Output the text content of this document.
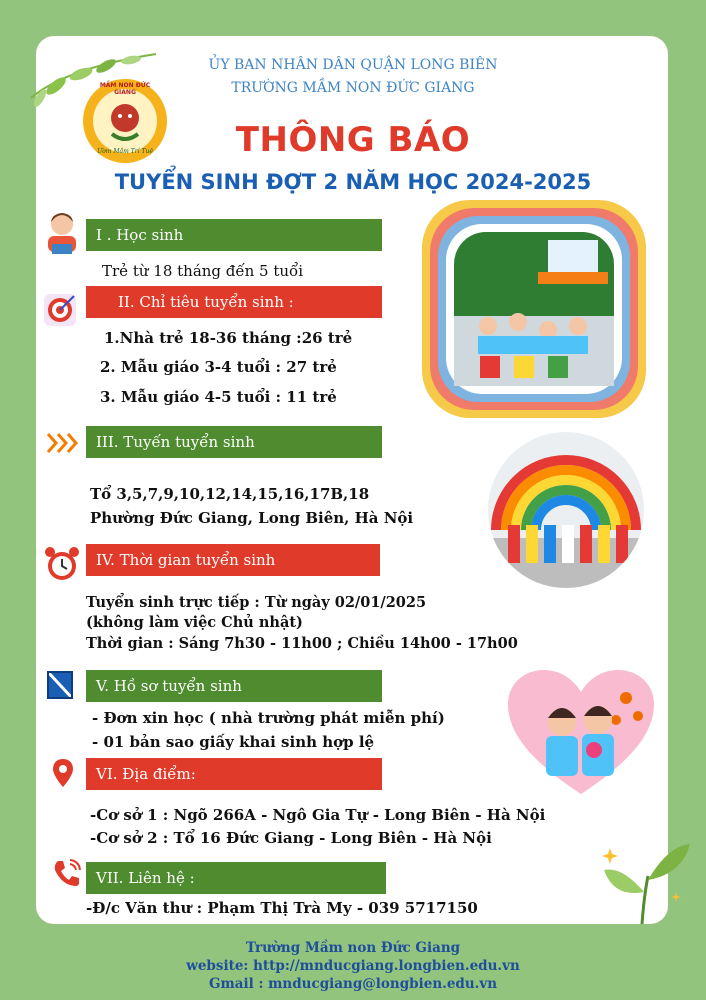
MẦM NON ĐỨC GIANG
Ươm Mầm Trí Tuệ
ỦY BAN NHÂN DÂN QUẬN LONG BIÊN
TRƯỜNG MẦM NON ĐỨC GIANG
THÔNG BÁO
TUYỂN SINH ĐỢT 2 NĂM HỌC 2024-2025
I . Học sinh
Trẻ từ 18 tháng đến 5 tuổi
II. Chỉ tiêu tuyển sinh :
1.Nhà trẻ 18-36 tháng :26 trẻ
2. Mẫu giáo 3-4 tuổi : 27 trẻ
3. Mẫu giáo 4-5 tuổi : 11 trẻ
III. Tuyến tuyển sinh
Tổ 3,5,7,9,10,12,14,15,16,17B,18
Phường Đức Giang, Long Biên, Hà Nội
IV. Thời gian tuyển sinh
Tuyển sinh trực tiếp : Từ ngày 02/01/2025
(không làm việc Chủ nhật)
Thời gian : Sáng 7h30 - 11h00 ; Chiều 14h00 - 17h00
V. Hồ sơ tuyển sinh
- Đơn xin học ( nhà trường phát miễn phí)
- 01 bản sao giấy khai sinh hợp lệ
VI. Địa điểm:
-Cơ sở 1 : Ngõ 266A - Ngô Gia Tự - Long Biên - Hà Nội
-Cơ sở 2 : Tổ 16 Đức Giang - Long Biên - Hà Nội
VII. Liên hệ :
-Đ/c Văn thư : Phạm Thị Trà My - 039 5717150
Trường Mầm non Đức Giang
website: http://mnducgiang.longbien.edu.vn
Gmail : mnducgiang@longbien.edu.vn
